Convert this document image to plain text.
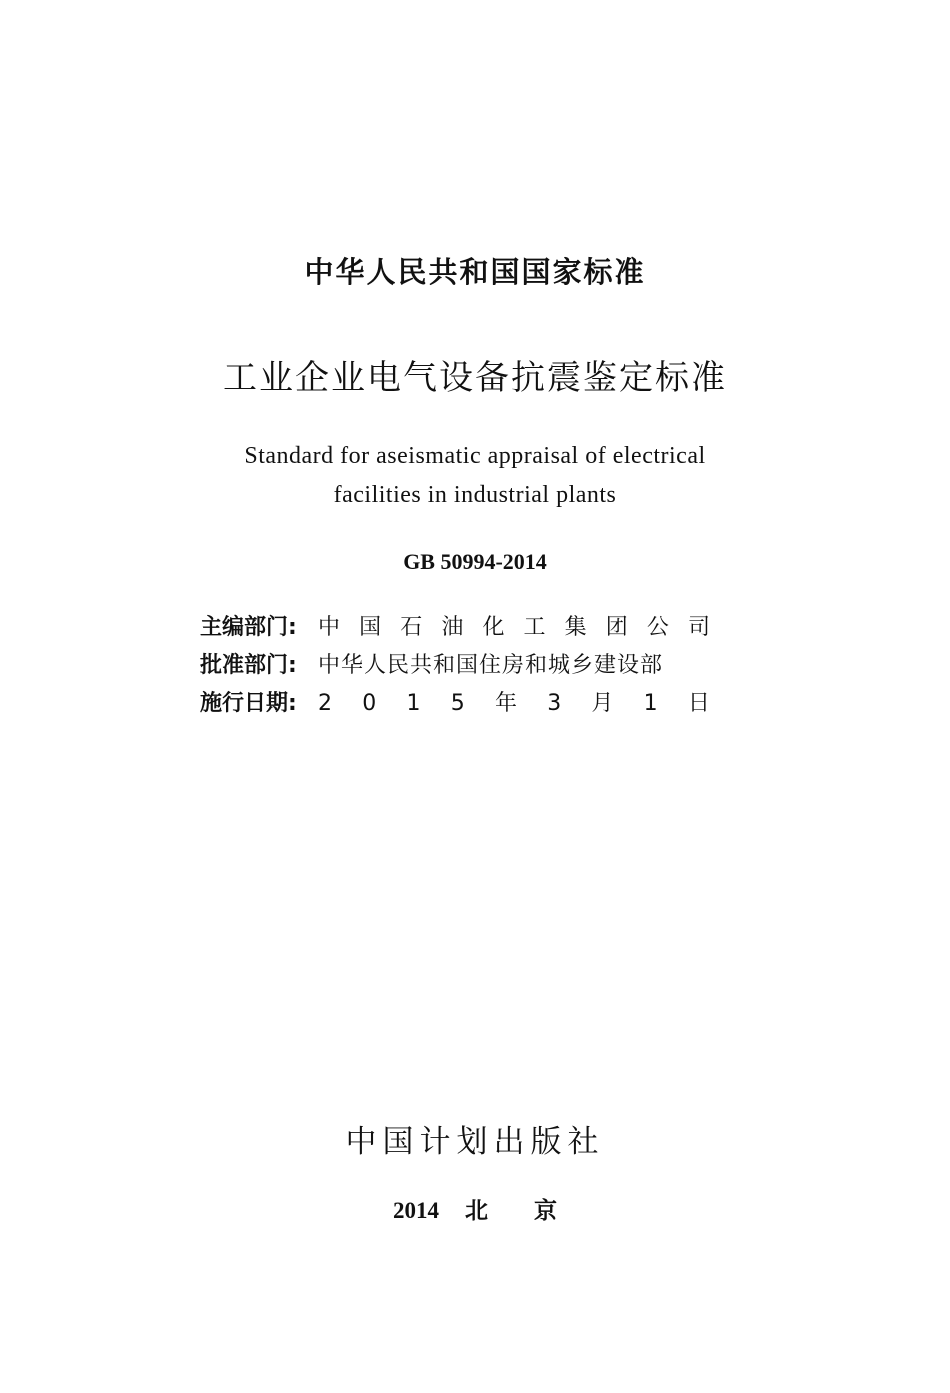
中华人民共和国国家标准
工业企业电气设备抗震鉴定标准
Standard for aseismatic appraisal of electrical
facilities in industrial plants
GB 50994-2014
主编部门: 中 国 石 油 化 工 集 团 公 司
批准部门: 中华人民共和国住房和城乡建设部
施行日期: 2 0 1 5 年 3 月 1 日
中国计划出版社
2014 北京
